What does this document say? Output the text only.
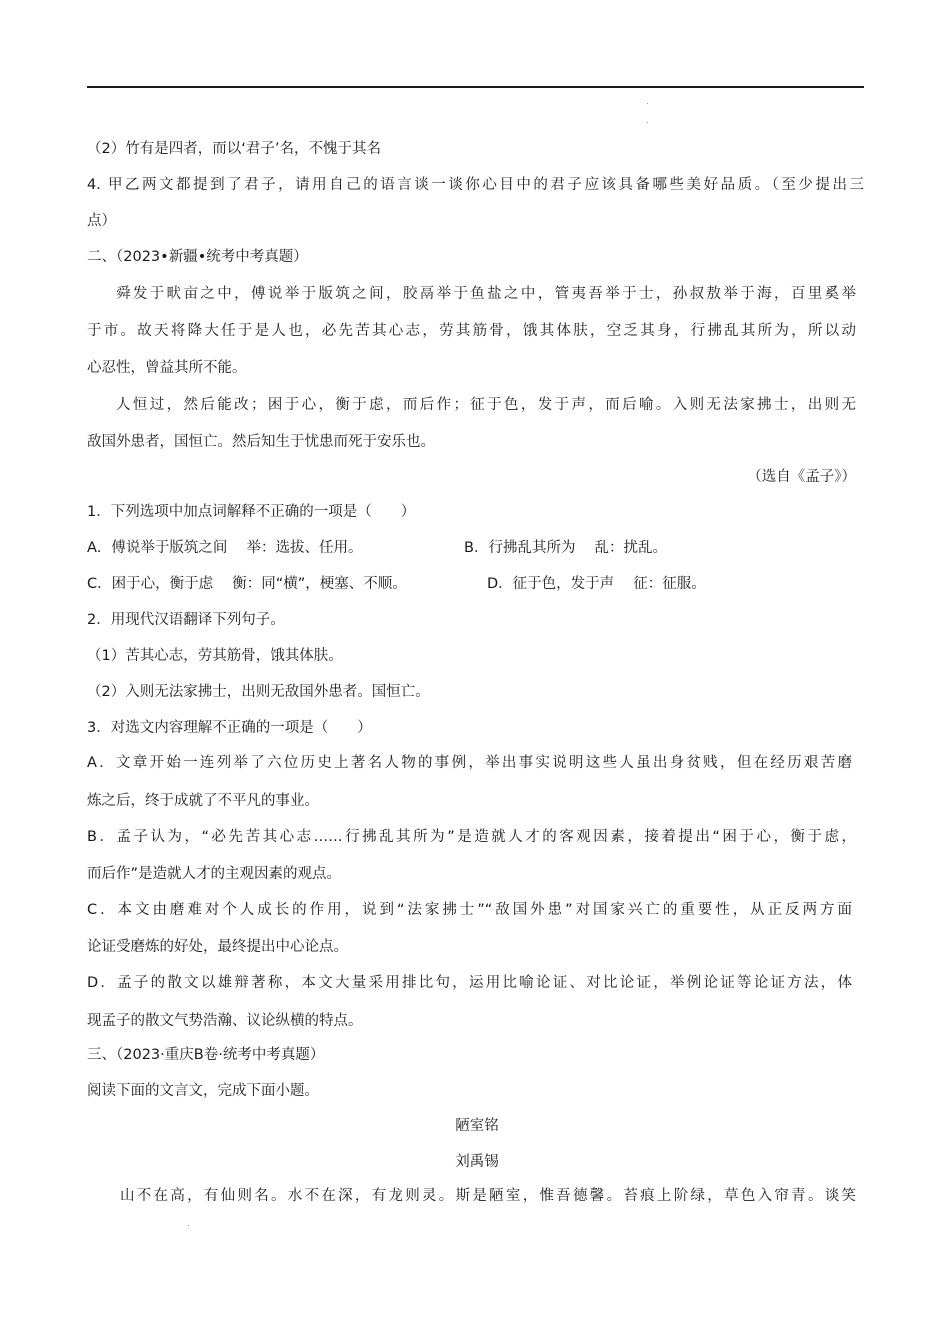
（2）竹有是四者，而以‘君子’名，不愧于其名
4. 甲乙两文都提到了君子，请用自己的语言谈一谈你心目中的君子应该具备哪些美好品质。（至少提出三
点）
二、（2023•新疆•统考中考真题）
舜发于畎亩之中，傅说举于版筑之间，胶鬲举于鱼盐之中，管夷吾举于士，孙叔敖举于海，百里奚举
于市。故天将降大任于是人也，必先苦其心志，劳其筋骨，饿其体肤，空乏其身，行拂乱其所为，所以动
心忍性，曾益其所不能。
人恒过，然后能改；困于心，衡于虑，而后作；征于色，发于声，而后喻。入则无法家拂士，出则无
敌国外患者，国恒亡。然后知生于忧患而死于安乐也。
（选自《孟子》）
1．下列选项中加点词解释不正确的一项是（　　）
A．傅说举于版筑之间　 举：选拔、任用。	B．行拂乱其所为　 乱：扰乱。
C．困于心，衡于虑　 衡：同“横”，梗塞、不顺。	D．征于色，发于声　 征：征服。
2．用现代汉语翻译下列句子。
（1）苦其心志，劳其筋骨，饿其体肤。
（2）入则无法家拂士，出则无敌国外患者。国恒亡。
3．对选文内容理解不正确的一项是（　　）
A．文章开始一连列举了六位历史上著名人物的事例，举出事实说明这些人虽出身贫贱，但在经历艰苦磨
炼之后，终于成就了不平凡的事业。
B．孟子认为，“必先苦其心志……行拂乱其所为”是造就人才的客观因素，接着提出“困于心，衡于虑，
而后作”是造就人才的主观因素的观点。
C．本文由磨难对个人成长的作用，说到“法家拂士”“敌国外患”对国家兴亡的重要性，从正反两方面
论证受磨炼的好处，最终提出中心论点。
D．孟子的散文以雄辩著称，本文大量采用排比句，运用比喻论证、对比论证，举例论证等论证方法，体
现孟子的散文气势浩瀚、议论纵横的特点。
三、（2023·重庆B卷·统考中考真题）
阅读下面的文言文，完成下面小题。
陋室铭
刘禹锡
山不在高，有仙则名。水不在深，有龙则灵。斯是陋室，惟吾德馨。苔痕上阶绿，草色入帘青。谈笑
